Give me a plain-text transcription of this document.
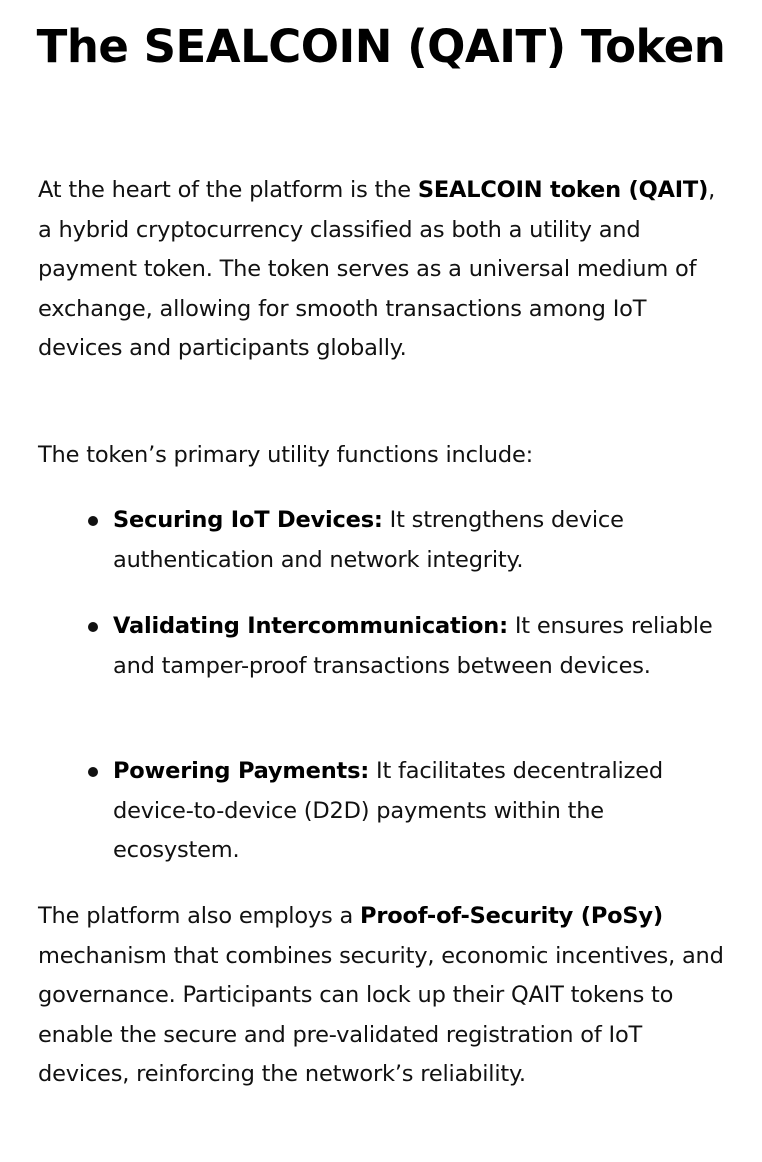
The SEALCOIN (QAIT) Token

At the heart of the platform is the SEALCOIN token (QAIT), a hybrid cryptocurrency classified as both a utility and payment token. The token serves as a universal medium of exchange, allowing for smooth transactions among IoT devices and participants globally.

The token’s primary utility functions include:

Securing IoT Devices: It strengthens device authentication and network integrity.
Validating Intercommunication: It ensures reliable and tamper-proof transactions between devices.
Powering Payments: It facilitates decentralized device-to-device (D2D) payments within the ecosystem.

The platform also employs a Proof-of-Security (PoSy) mechanism that combines security, economic incentives, and governance. Participants can lock up their QAIT tokens to enable the secure and pre-validated registration of IoT devices, reinforcing the network’s reliability.
